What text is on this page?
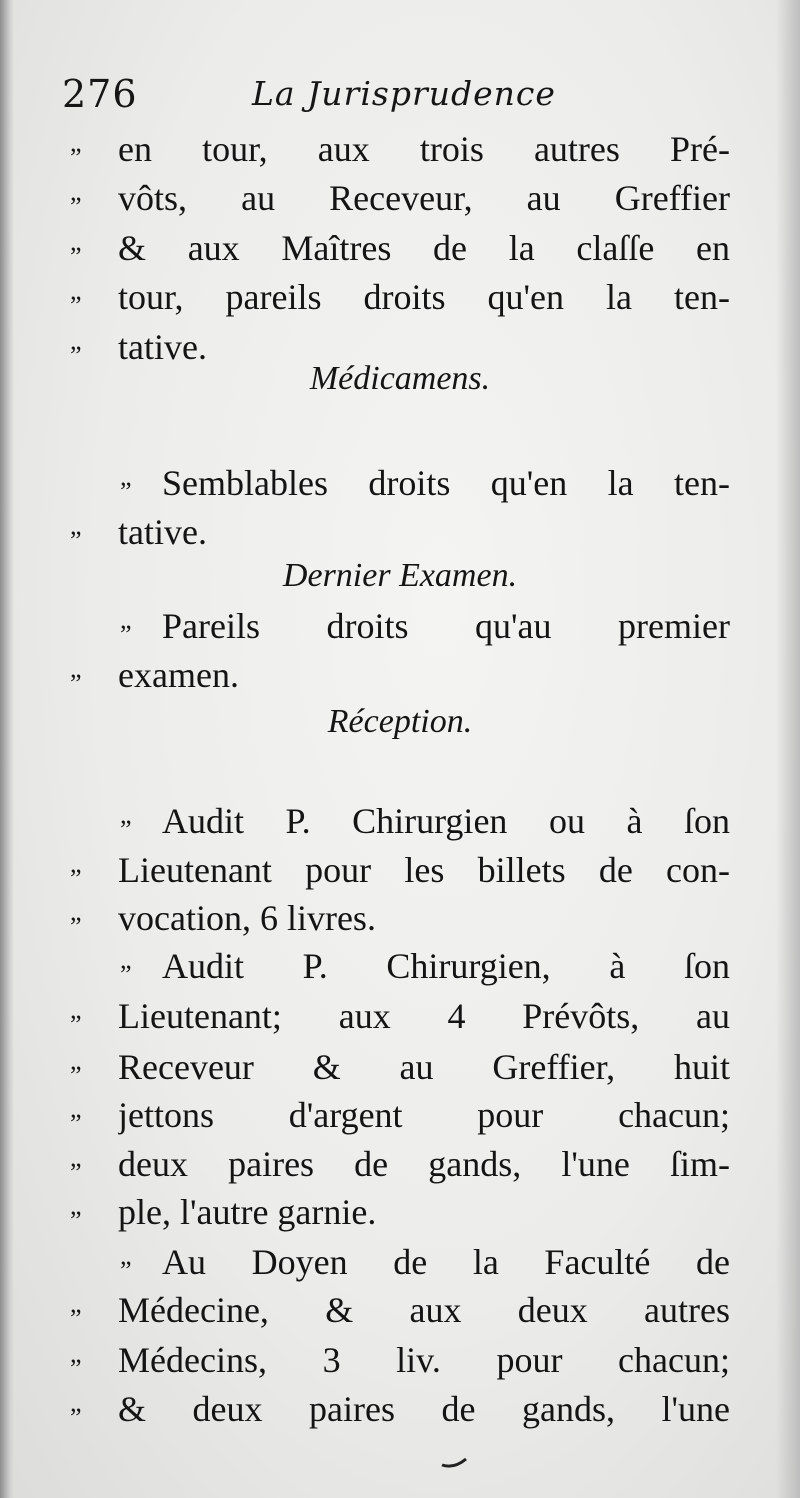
276	La Jurisprudence
„	en tour, aux trois autres Pré-
„	vôts, au Receveur, au Greffier
„	& aux Maîtres de la claſſe en
„	tour, pareils droits qu'en la ten-
„	tative.
Médicamens.
„ Semblables droits qu'en la ten-
„	tative.
Dernier Examen.
„ Pareils droits qu'au premier
„	examen.
Réception.
„ Audit P. Chirurgien ou à ſon
„	Lieutenant pour les billets de con-
„	vocation, 6 livres.
„ Audit P. Chirurgien, à ſon
„	Lieutenant; aux 4 Prévôts, au
„	Receveur & au Greffier, huit
„	jettons d'argent pour chacun;
„	deux paires de gands, l'une ſim-
„	ple, l'autre garnie.
„ Au Doyen de la Faculté de
„	Médecine, & aux deux autres
„	Médecins, 3 liv. pour chacun;
„	& deux paires de gands, l'une
